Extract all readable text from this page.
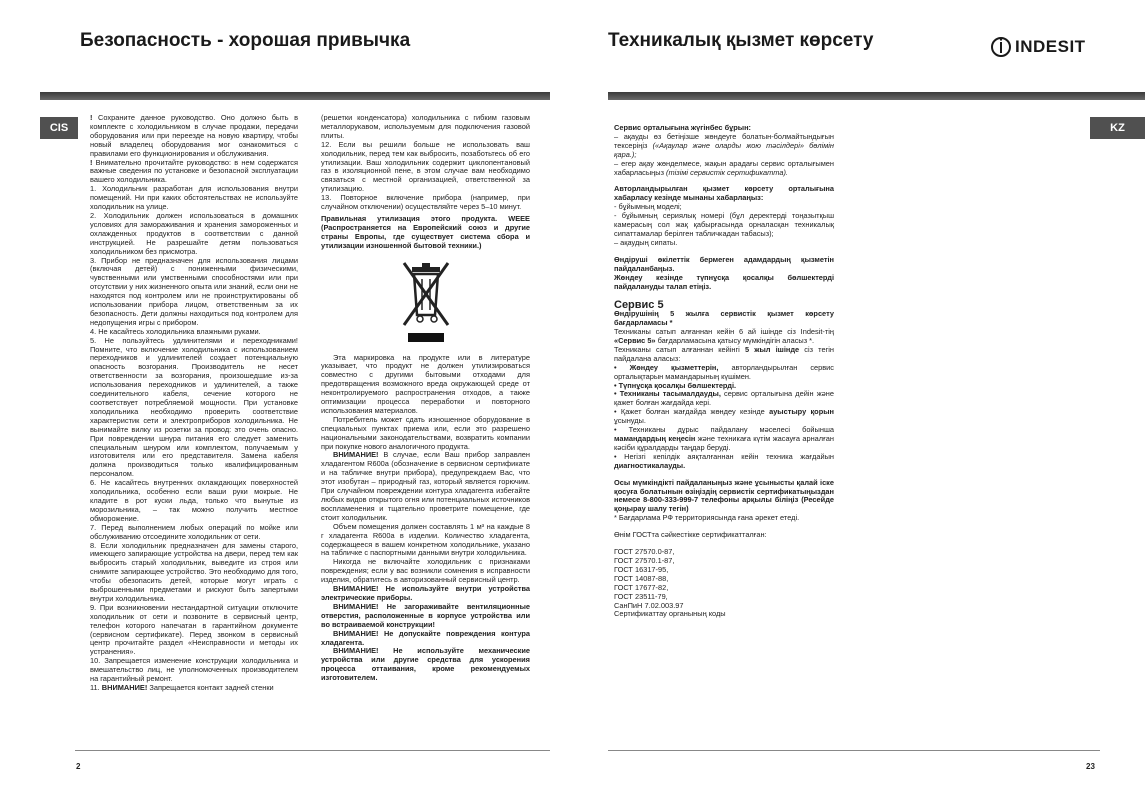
Безопасность - хорошая привычка	Техникалық қызмет көрсету	INDESIT
CIS	KZ

! Сохраните данное руководство. Оно должно быть в комплекте с холодильником в случае продажи, передачи оборудования или при переезде на новую квартиру, чтобы новый владелец оборудования мог ознакомиться с правилами его функционирования и обслуживания.

! Внимательно прочитайте руководство: в нем содержатся важные сведения по установке и безопасной эксплуатации вашего холодильника.

1. Холодильник разработан для использования внутри помещений. Ни при каких обстоятельствах не используйте холодильник на улице.

2. Холодильник должен использоваться в домашних условиях для замораживания и хранения замороженных и охлажденных продуктов в соответствии с данной инструкцией. Не разрешайте детям пользоваться холодильником без присмотра.

3. Прибор не предназначен для использования лицами (включая детей) с пониженными физическими, чувственными или умственными способностями или при отсутствии у них жизненного опыта или знаний, если они не находятся под контролем или не проинструктированы об использовании прибора лицом, ответственным за их безопасность. Дети должны находиться под контролем для недопущения игры с прибором.

4. Не касайтесь холодильника влажными руками.

5. Не пользуйтесь удлинителями и переходниками! Помните, что включение холодильника с использованием переходников и удлинителей создает потенциальную опасность возгорания. Производитель не несет ответственности за возгорания, произошедшие из-за использования переходников и удлинителей, а также соединительного кабеля, сечение которого не соответствует потребляемой мощности. При установке холодильника необходимо проверить соответствие характеристик сети и электроприборов холодильника. Не вынимайте вилку из розетки за провод: это очень опасно. При повреждении шнура питания его следует заменить специальным шнуром или комплектом, получаемым у изготовителя или его представителя. Замена кабеля должна производиться только квалифицированным персоналом.

6. Не касайтесь внутренних охлаждающих поверхностей холодильника, особенно если ваши руки мокрые. Не кладите в рот куски льда, только что вынутые из морозильника, – так можно получить местное обморожение.

7. Перед выполнением любых операций по мойке или обслуживанию отсоедините холодильник от сети.

8. Если холодильник предназначен для замены старого, имеющего запирающие устройства на двери, перед тем как выбросить старый холодильник, выведите из строя или снимите запирающее устройство. Это необходимо для того, чтобы обезопасить детей, которые могут играть с выброшенными предметами и рискуют быть запертыми внутри холодильника.

9. При возникновении нестандартной ситуации отключите холодильник от сети и позвоните в сервисный центр, телефон которого напечатан в гарантийном документе (сервисном сертификате). Перед звонком в сервисный центр прочитайте раздел «Неисправности и методы их устранения».

10. Запрещается изменение конструкции холодильника и вмешательство лиц, не уполномоченных производителем на гарантийный ремонт.

11. ВНИМАНИЕ! Запрещается контакт задней стенки

(решетки конденсатора) холодильника с гибким газовым металлорукавом, используемым для подключения газовой плиты.

12. Если вы решили больше не использовать ваш холодильник, перед тем как выбросить, позаботьтесь об его утилизации. Ваш холодильник содержит циклопентановый газ в изоляционной пене, в этом случае вам необходимо связаться с местной организацией, ответственной за утилизацию.

13. Повторное включение прибора (например, при случайном отключении) осуществляйте через 5–10 минут.

Правильная утилизация этого продукта. WEEE (Распространяется на Европейский союз и другие страны Европы, где существует система сбора и утилизации изношенной бытовой техники.)

Эта маркировка на продукте или в литературе указывает, что продукт не должен утилизироваться совместно с другими бытовыми отходами для предотвращения возможного вреда окружающей среде от неконтролируемого распространения отходов, а также оптимизации процесса переработки и повторного использования материалов.

Потребитель может сдать изношенное оборудование в специальных пунктах приема или, если это разрешено национальными законодательствами, возвратить компании при покупке нового аналогичного продукта.

ВНИМАНИЕ! В случае, если Ваш прибор заправлен хладагентом R600a (обозначение в сервисном сертификате и на табличке внутри прибора), предупреждаем Вас, что этот изобутан – природный газ, который является горючим. При случайном повреждении контура хладагента избегайте любых видов открытого огня или потенциальных источников воспламенения и тщательно проветрите помещение, где стоит холодильник.

Объем помещения должен составлять 1 м³ на каждые 8 г хладагента R600a в изделии. Количество хладагента, содержащееся в вашем конкретном холодильнике, указано на табличке с паспортными данными внутри холодильника.

Никогда не включайте холодильник с признаками повреждения; если у вас возникли сомнения в исправности изделия, обратитесь в авторизованный сервисный центр.

ВНИМАНИЕ! Не используйте внутри устройства электрические приборы.

ВНИМАНИЕ! Не загораживайте вентиляционные отверстия, расположенные в корпусе устройства или во встраиваемой конструкции!

ВНИМАНИЕ! Не допускайте повреждения контура хладагента.

ВНИМАНИЕ! Не используйте механические устройства или другие средства для ускорения процесса оттаивания, кроме рекомендуемых изготовителем.

Сервис орталығына жүгінбес бұрын:

– ақауды өз бетіңізше жөндеуге болатын-болмайтындығын тексеріңіз («Ақаулар және оларды жою тәсілдері» бөлімін қара.);

– егер ақау жөнделмесе, жақын арадағы сервис орталығымен хабарласыңыз (тізімі сервистік сертификатта).

Авторландырылған қызмет көрсету орталығына хабарласу кезінде мынаны хабарлаңыз:

- бұйымның моделі;

- бұйымның сериялық номері (бұл деректерді тоңазытқыш камерасың сол жақ қабырғасында орналасқан техникалық сипаттамалар берілген табличкадан табасыз);

– ақаудың сипаты.

Өндіруші өкілеттік бермеген адамдардың қызметін пайдаланбаңыз.

Жөндеу кезінде түпнұсқа қосалқы бөлшектерді пайдалануды талап етіңіз.

Сервис 5

Өндірушінің 5 жылға сервистік қызмет көрсету бағдарламасы *

Техниканы сатып алғаннан кейін 6 ай ішінде сіз Indesit-тің «Сервис 5» бағдарламасына қатысу мүмкіндігін аласыз *.

Техниканы сатып алғаннан кейінгі 5 жыл ішінде сіз тегін пайдалана аласыз:

• Жөндеу қызметтерін, авторландырылған сервис орталықтарын мамандарының күшімен.

• Түпнұсқа қосалқы бөлшектерді.

• Техниканы тасымалдауды, сервис орталығына дейін және қажет болған жағдайда кері.

• Қажет болған жағдайда жөндеу кезінде ауыстыру қорын ұсынуды.

• Техниканы дұрыс пайдалану мәселесі бойынша мамандардың кеңесін және техникаға күтім жасауға арналған кәсіби құралдарды таңдар беруді.

• Негізгі кепілдік аяқталғаннан кейін техника жағдайын диагностикалауды.

Осы мүмкіндікті пайдаланыңыз және ұсынысты қалай іске қосуға болатынын өзіңіздің сервистік сертификатыңыздан немесе 8-800-333-999-7 телефоны арқылы біліңіз (Ресейде қоңырау шалу тегін)

* Бағдарлама РФ территориясында ғана әрекет етеді.

Өнім ГОСТта сәйкестікке сертификатталған:

ГОСТ 27570.0-87,

ГОСТ 27570.1-87,

ГОСТ 16317-95,

ГОСТ 14087-88,

ГОСТ 17677-82,

ГОСТ 23511-79,

СанПиН 7.02.003.97

Сертификаттау органының коды

2	23
